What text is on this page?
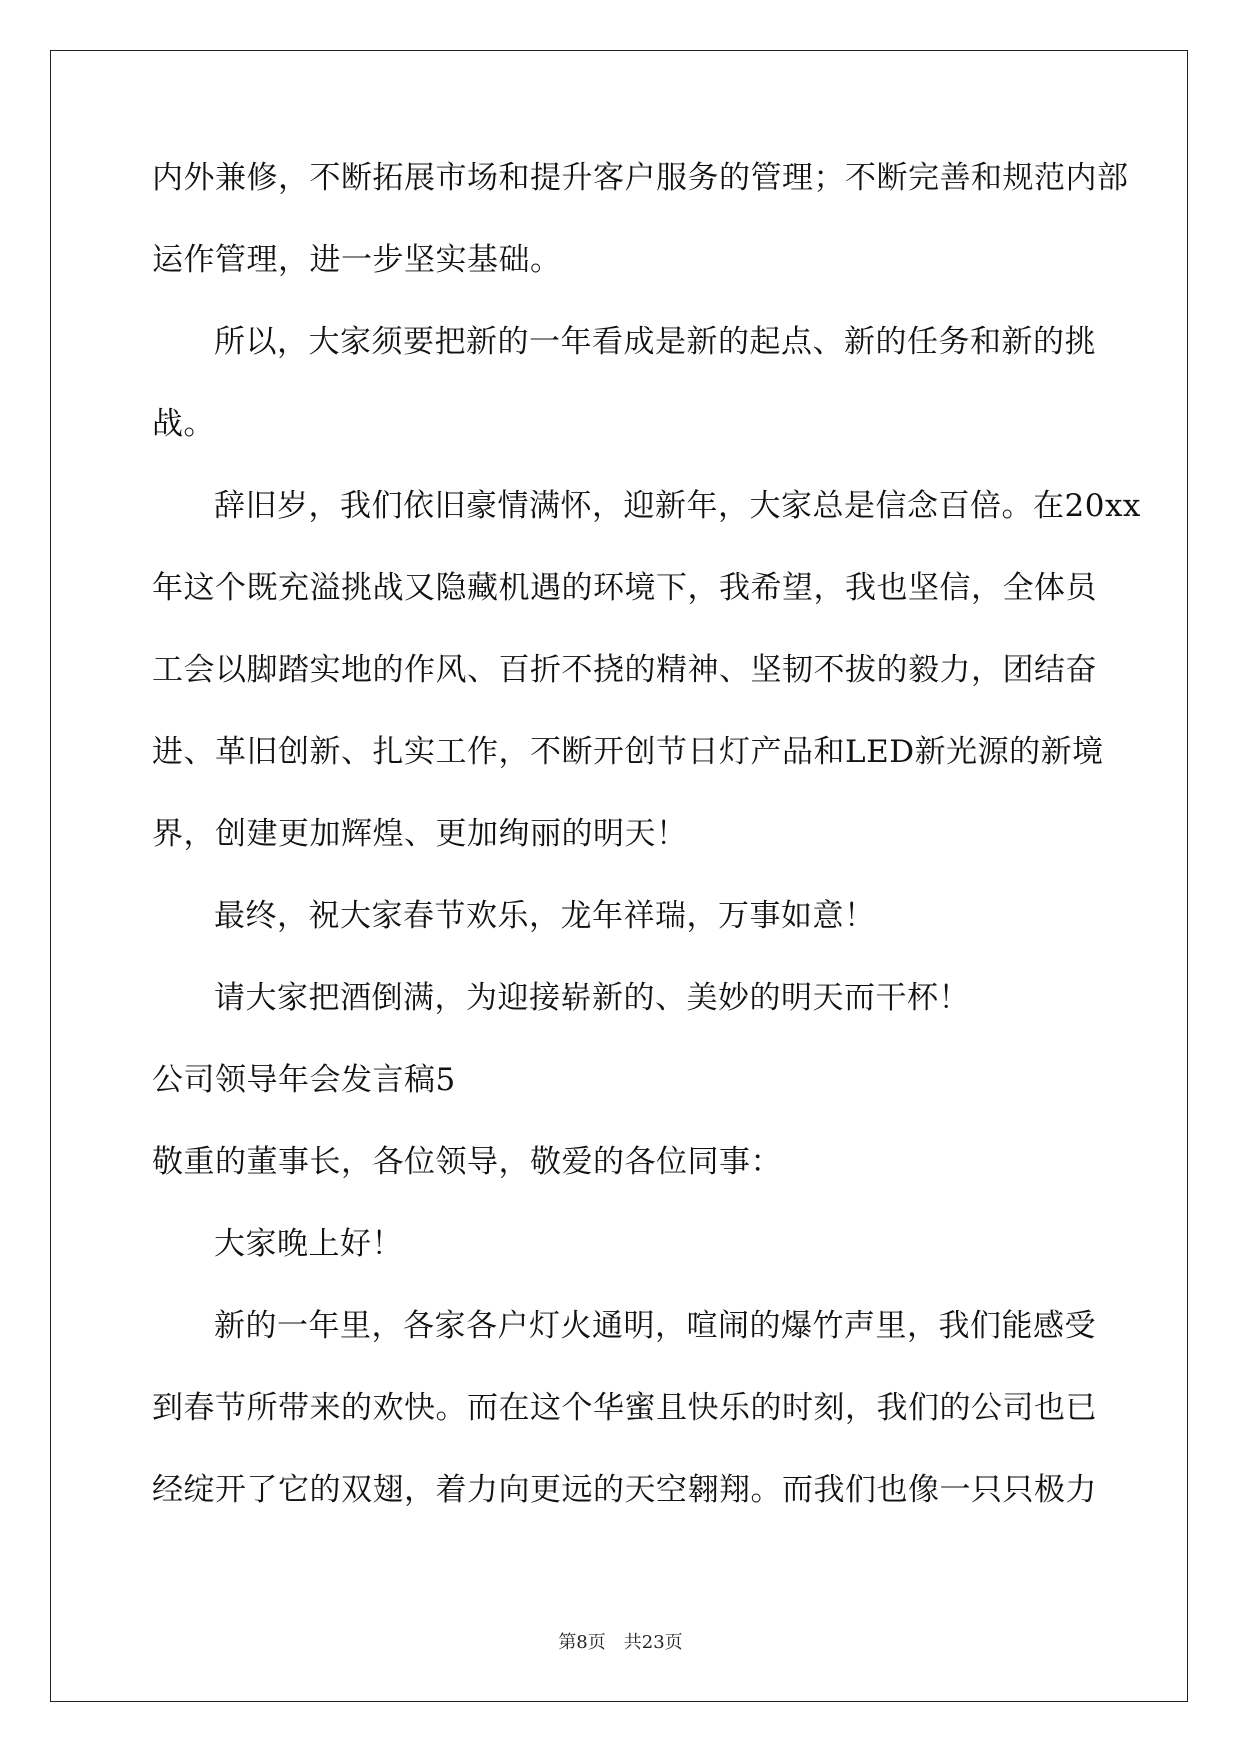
内外兼修，不断拓展市场和提升客户服务的管理；不断完善和规范内部
运作管理，进一步坚实基础。
所以，大家须要把新的一年看成是新的起点、新的任务和新的挑
战。
辞旧岁，我们依旧豪情满怀，迎新年，大家总是信念百倍。在20xx
年这个既充溢挑战又隐藏机遇的环境下，我希望，我也坚信，全体员
工会以脚踏实地的作风、百折不挠的精神、坚韧不拔的毅力，团结奋
进、革旧创新、扎实工作，不断开创节日灯产品和LED新光源的新境
界，创建更加辉煌、更加绚丽的明天！
最终，祝大家春节欢乐，龙年祥瑞，万事如意！
请大家把酒倒满，为迎接崭新的、美妙的明天而干杯！
公司领导年会发言稿5
敬重的董事长，各位领导，敬爱的各位同事：
大家晚上好！
新的一年里，各家各户灯火通明，喧闹的爆竹声里，我们能感受
到春节所带来的欢快。而在这个华蜜且快乐的时刻，我们的公司也已
经绽开了它的双翅，着力向更远的天空翱翔。而我们也像一只只极力
第8页 共23页
